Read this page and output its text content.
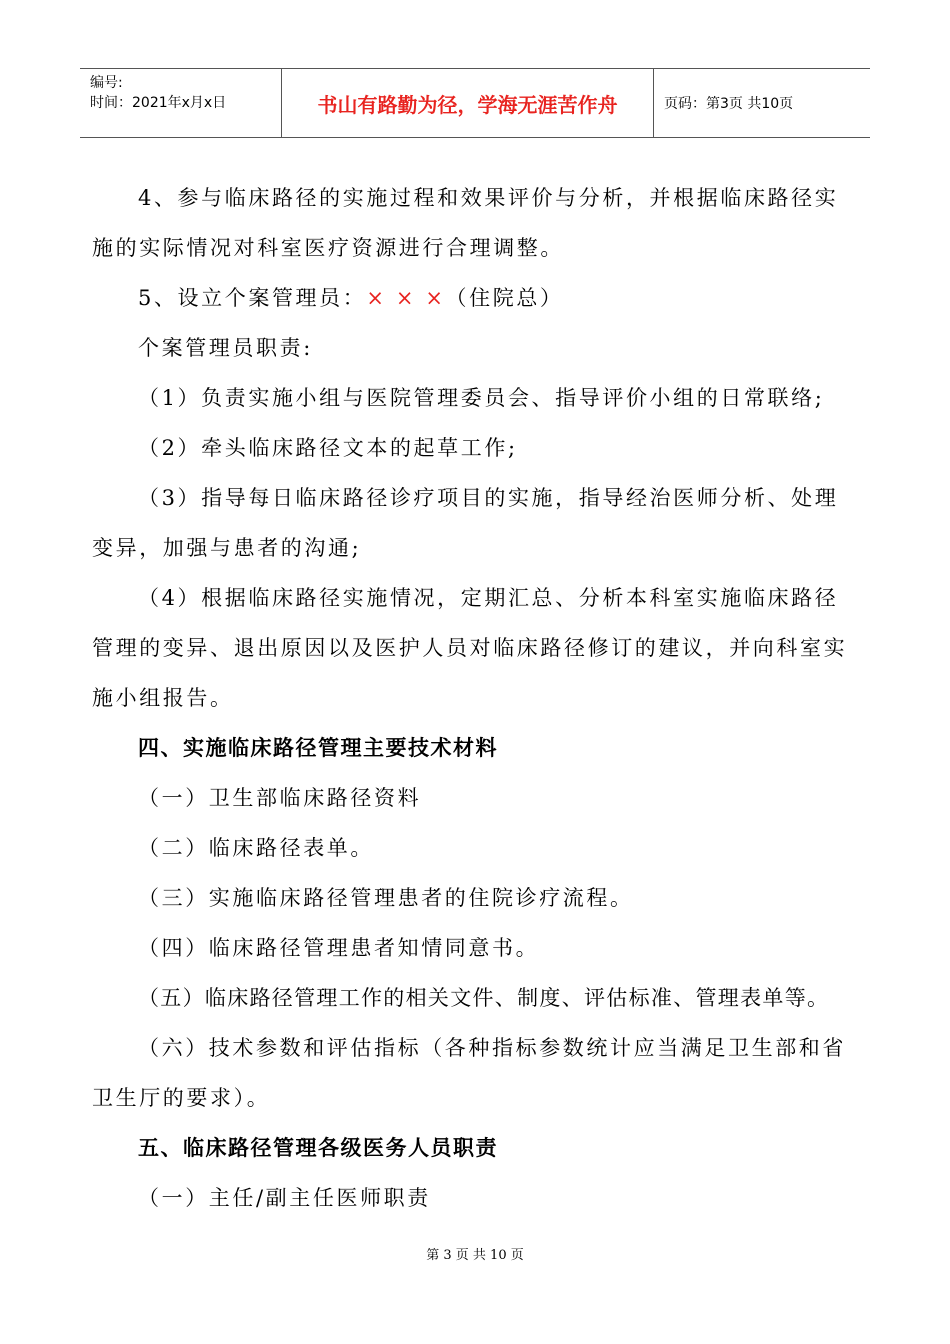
编号:
时间：2021年x月x日	书山有路勤为径，学海无涯苦作舟	页码：第3页 共10页
4、参与临床路径的实施过程和效果评价与分析，并根据临床路径实
施的实际情况对科室医疗资源进行合理调整。
5、设立个案管理员：× × ×（住院总）
个案管理员职责:
（1）负责实施小组与医院管理委员会、指导评价小组的日常联络;
（2）牵头临床路径文本的起草工作;
（3）指导每日临床路径诊疗项目的实施，指导经治医师分析、处理
变异，加强与患者的沟通;
（4）根据临床路径实施情况，定期汇总、分析本科室实施临床路径
管理的变异、退出原因以及医护人员对临床路径修订的建议，并向科室实
施小组报告。
四、实施临床路径管理主要技术材料
（一）卫生部临床路径资料
（二）临床路径表单。
（三）实施临床路径管理患者的住院诊疗流程。
（四）临床路径管理患者知情同意书。
（五）临床路径管理工作的相关文件、制度、评估标准、管理表单等。
（六）技术参数和评估指标（各种指标参数统计应当满足卫生部和省
卫生厅的要求）。
五、临床路径管理各级医务人员职责
（一）主任/副主任医师职责
第 3 页 共 10 页
